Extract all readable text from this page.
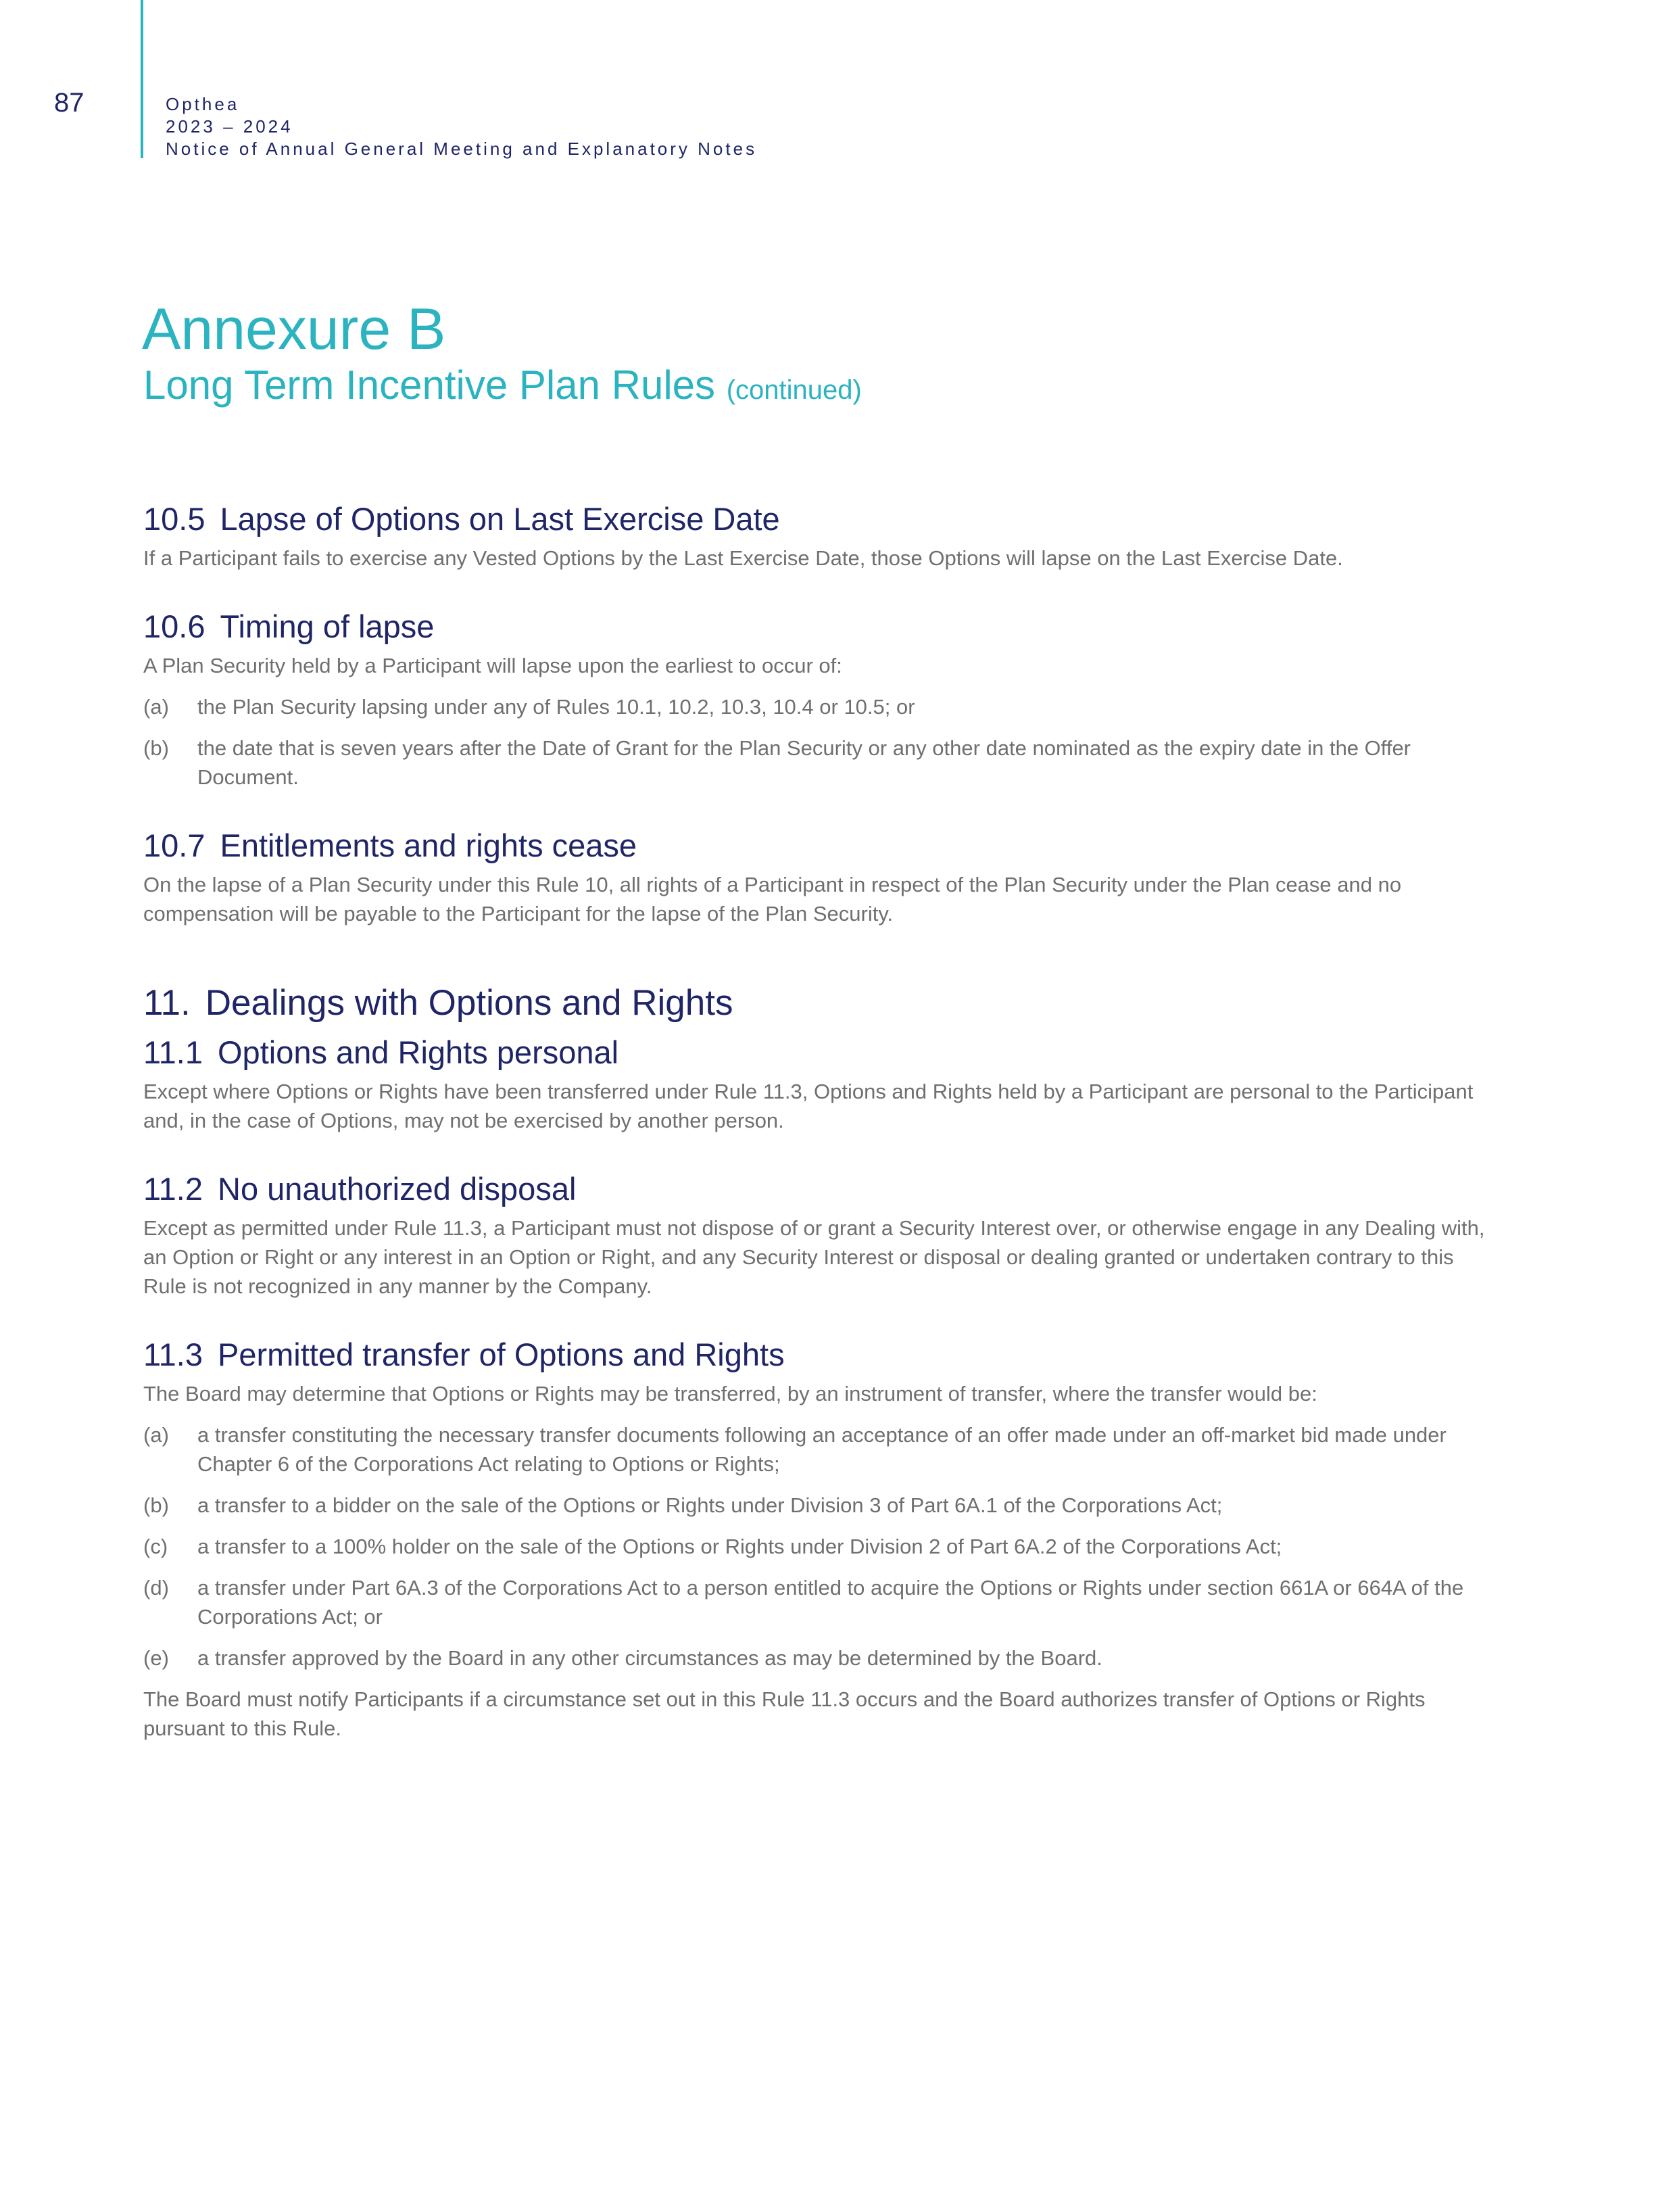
87	Opthea
2023 – 2024
Notice of Annual General Meeting and Explanatory Notes
Annexure B
Long Term Incentive Plan Rules (continued)
10.5 Lapse of Options on Last Exercise Date

If a Participant fails to exercise any Vested Options by the Last Exercise Date, those Options will lapse on the Last Exercise Date.

10.6 Timing of lapse

A Plan Security held by a Participant will lapse upon the earliest to occur of:

(a)	the Plan Security lapsing under any of Rules 10.1, 10.2, 10.3, 10.4 or 10.5; or
(b)	the date that is seven years after the Date of Grant for the Plan Security or any other date nominated as the expiry date in the Offer Document.
10.7 Entitlements and rights cease

On the lapse of a Plan Security under this Rule 10, all rights of a Participant in respect of the Plan Security under the Plan cease and no compensation will be payable to the Participant for the lapse of the Plan Security.

11. Dealings with Options and Rights
11.1 Options and Rights personal

Except where Options or Rights have been transferred under Rule 11.3, Options and Rights held by a Participant are personal to the Participant and, in the case of Options, may not be exercised by another person.

11.2 No unauthorized disposal

Except as permitted under Rule 11.3, a Participant must not dispose of or grant a Security Interest over, or otherwise engage in any Dealing with, an Option or Right or any interest in an Option or Right, and any Security Interest or disposal or dealing granted or undertaken contrary to this Rule is not recognized in any manner by the Company.

11.3 Permitted transfer of Options and Rights

The Board may determine that Options or Rights may be transferred, by an instrument of transfer, where the transfer would be:

(a)	a transfer constituting the necessary transfer documents following an acceptance of an offer made under an off-market bid made under Chapter 6 of the Corporations Act relating to Options or Rights;
(b)	a transfer to a bidder on the sale of the Options or Rights under Division 3 of Part 6A.1 of the Corporations Act;
(c)	a transfer to a 100% holder on the sale of the Options or Rights under Division 2 of Part 6A.2 of the Corporations Act;
(d)	a transfer under Part 6A.3 of the Corporations Act to a person entitled to acquire the Options or Rights under section 661A or 664A of the Corporations Act; or
(e)	a transfer approved by the Board in any other circumstances as may be determined by the Board.

The Board must notify Participants if a circumstance set out in this Rule 11.3 occurs and the Board authorizes transfer of Options or Rights pursuant to this Rule.
